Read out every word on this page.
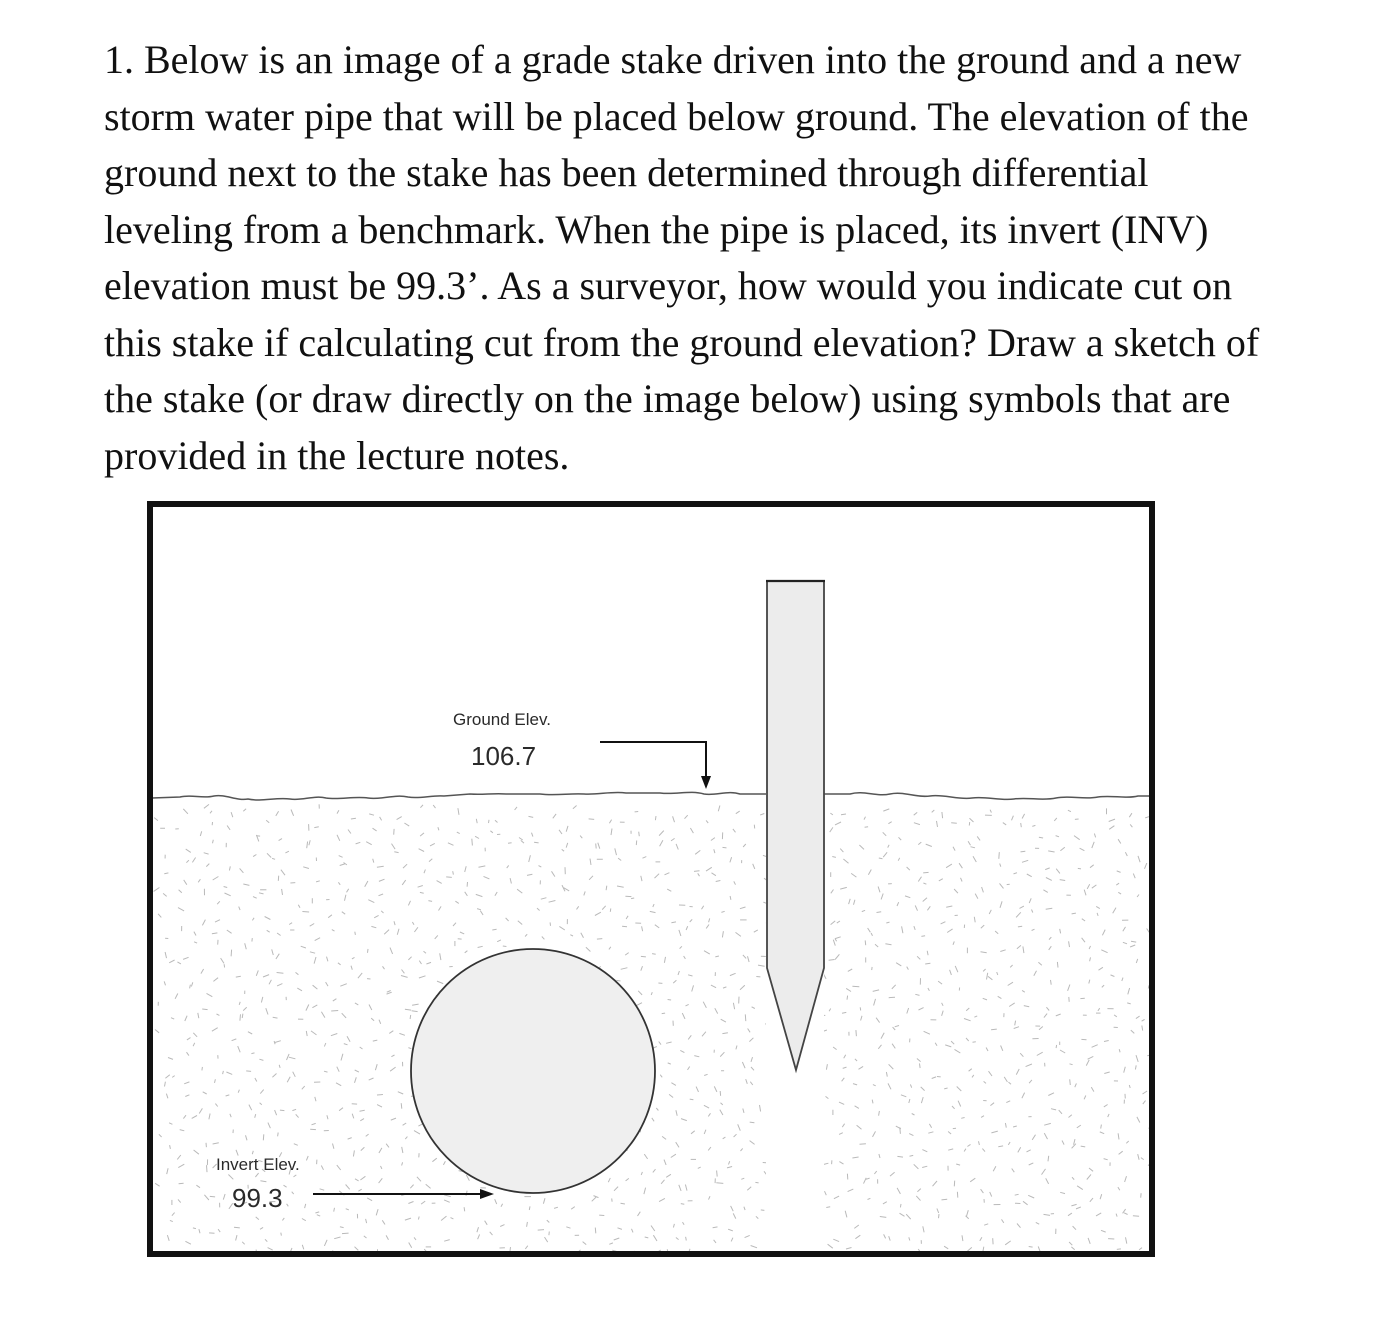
1. Below is an image of a grade stake driven into the ground and a new
storm water pipe that will be placed below ground. The elevation of the
ground next to the stake has been determined through differential
leveling from a benchmark. When the pipe is placed, its invert (INV)
elevation must be 99.3’. As a surveyor, how would you indicate cut on
this stake if calculating cut from the ground elevation? Draw a sketch of
the stake (or draw directly on the image below) using symbols that are
provided in the lecture notes.
Ground Elev.
106.7
Invert Elev.
99.3
